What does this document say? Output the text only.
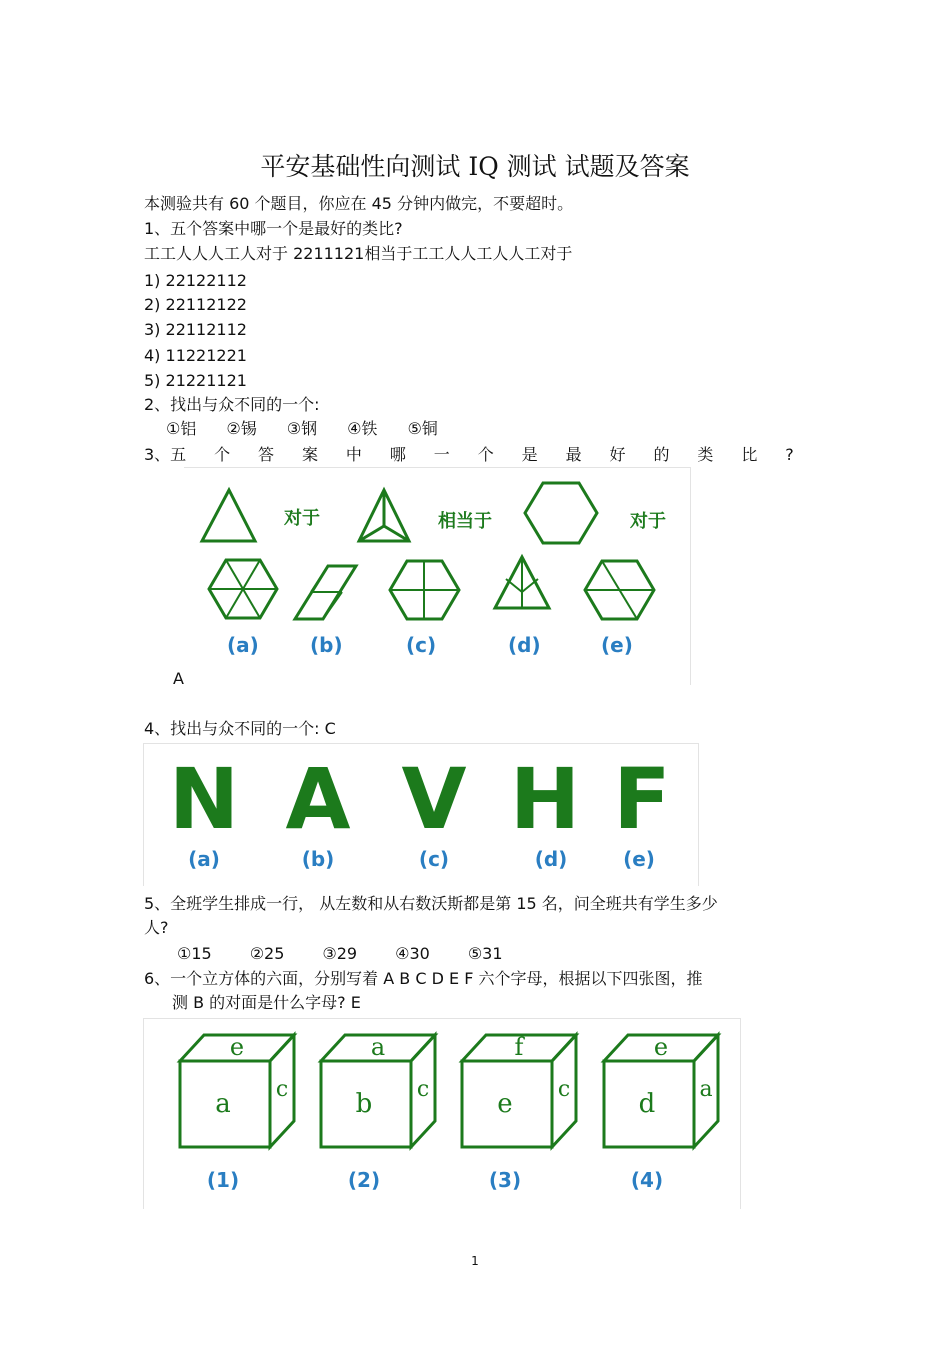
平安基础性向测试 IQ 测试 试题及答案
本测验共有 60 个题目，你应在 45 分钟内做完，不要超时。
1、五个答案中哪一个是最好的类比?
工工人人人工人对于 2211121相当于工工人人工人人工对于
1) 22122112
2) 22112122
3) 22112112
4) 11221221
5) 21221121
2、找出与众不同的一个:
①铝 ②锡 ③钢 ④铁 ⑤铜
3、五 个 答 案 中 哪 一 个 是 最 好 的 类 比 ?
对于	相当于	对于
(a)	(b)	(c)	(d)	(e)
A
4、找出与众不同的一个: C
N A V H F
(a)	(b)	(c)	(d)	(e)
5、全班学生排成一行， 从左数和从右数沃斯都是第 15 名，问全班共有学生多少
人?
①15 ②25 ③29 ④30 ⑤31
6、一个立方体的六面，分别写着 A B C D E F 六个字母，根据以下四张图，推
测 B 的对面是什么字母? E
e
a c
(1)
a
b c
(2)
f
e c
(3)
e
d a
(4)
1
